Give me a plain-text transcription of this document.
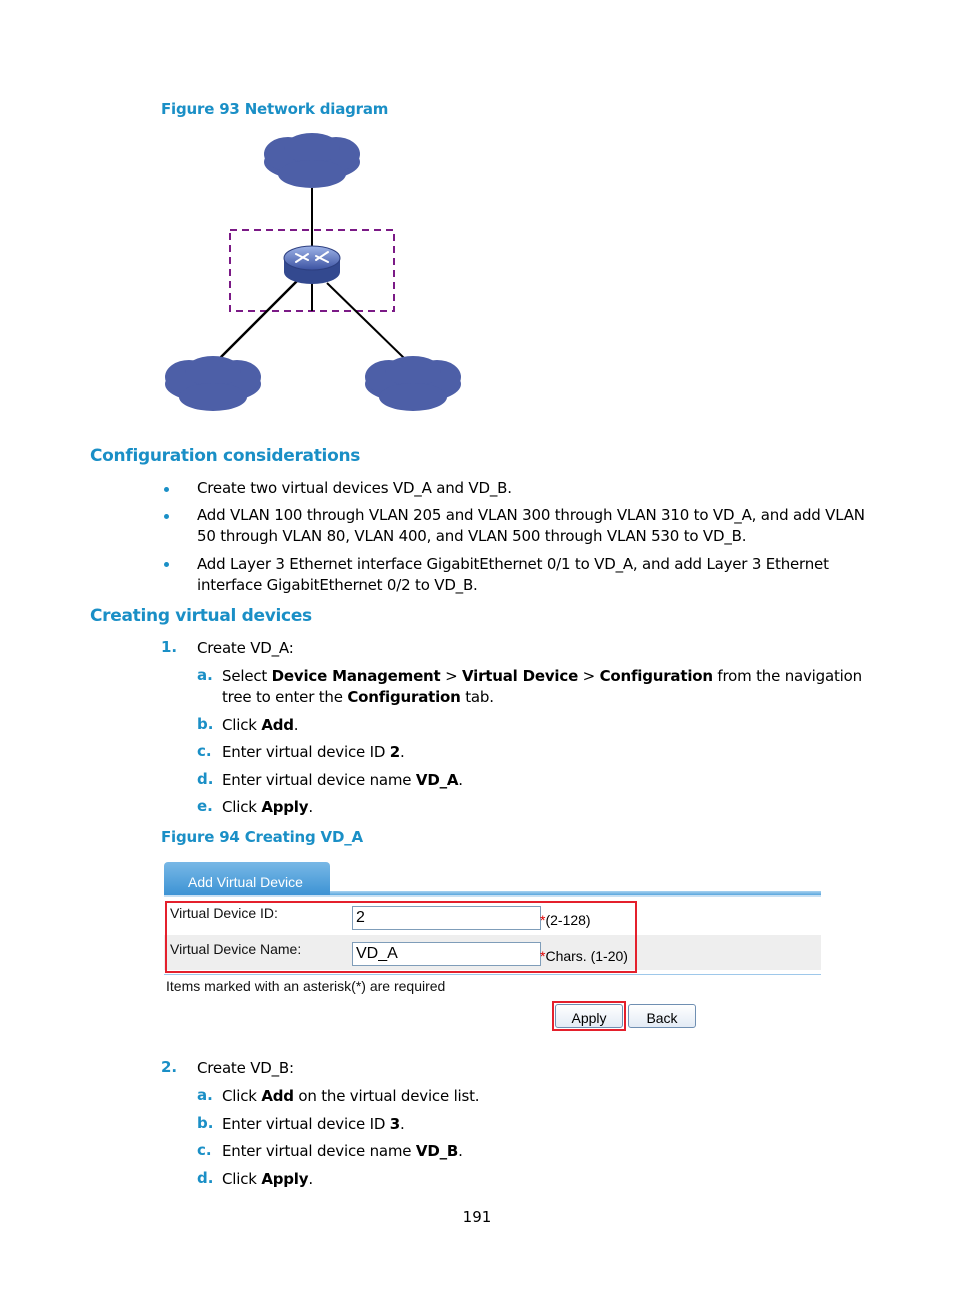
Figure 93 Network diagram
Configuration considerations
Create two virtual devices VD_A and VD_B.
Add VLAN 100 through VLAN 205 and VLAN 300 through VLAN 310 to VD_A, and add VLAN 50 through VLAN 80, VLAN 400, and VLAN 500 through VLAN 530 to VD_B.
Add Layer 3 Ethernet interface GigabitEthernet 0/1 to VD_A, and add Layer 3 Ethernet interface GigabitEthernet 0/2 to VD_B.
Creating virtual devices
1. Create VD_A:
a. Select Device Management > Virtual Device > Configuration from the navigation tree to enter the Configuration tab.
b. Click Add.
c. Enter virtual device ID 2.
d. Enter virtual device name VD_A.
e. Click Apply.
Figure 94 Creating VD_A
Add Virtual Device
Virtual Device ID:	2	*(2-128)
Virtual Device Name:	VD_A	*Chars. (1-20)
Items marked with an asterisk(*) are required
Apply	Back
2. Create VD_B:
a. Click Add on the virtual device list.
b. Enter virtual device ID 3.
c. Enter virtual device name VD_B.
d. Click Apply.
191
